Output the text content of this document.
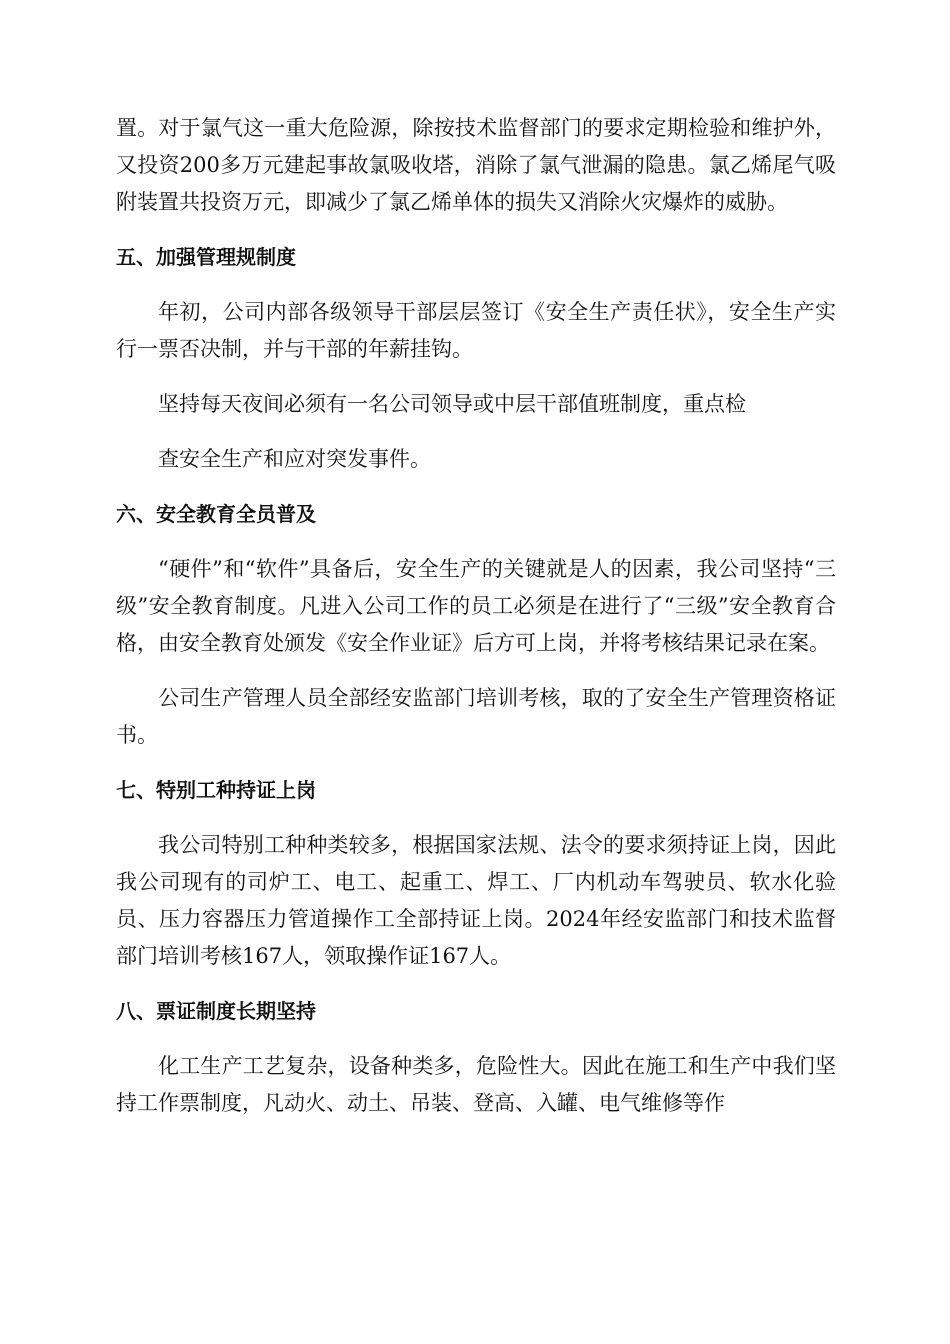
置。对于氯气这一重大危险源，除按技术监督部门的要求定期检验和维护外，又投资200多万元建起事故氯吸收塔，消除了氯气泄漏的隐患。氯乙烯尾气吸附装置共投资万元，即减少了氯乙烯单体的损失又消除火灾爆炸的威胁。

五、加强管理规制度

年初，公司内部各级领导干部层层签订《安全生产责任状》，安全生产实行一票否决制，并与干部的年薪挂钩。

坚持每天夜间必须有一名公司领导或中层干部值班制度，重点检

查安全生产和应对突发事件。

六、安全教育全员普及

“硬件”和“软件”具备后，安全生产的关键就是人的因素，我公司坚持“三级”安全教育制度。凡进入公司工作的员工必须是在进行了“三级”安全教育合格，由安全教育处颁发《安全作业证》后方可上岗，并将考核结果记录在案。

公司生产管理人员全部经安监部门培训考核，取的了安全生产管理资格证书。

七、特别工种持证上岗

我公司特别工种种类较多，根据国家法规、法令的要求须持证上岗，因此我公司现有的司炉工、电工、起重工、焊工、厂内机动车驾驶员、软水化验员、压力容器压力管道操作工全部持证上岗。2024年经安监部门和技术监督部门培训考核167人，领取操作证167人。

八、票证制度长期坚持

化工生产工艺复杂，设备种类多，危险性大。因此在施工和生产中我们坚持工作票制度，凡动火、动土、吊装、登高、入罐、电气维修等作
